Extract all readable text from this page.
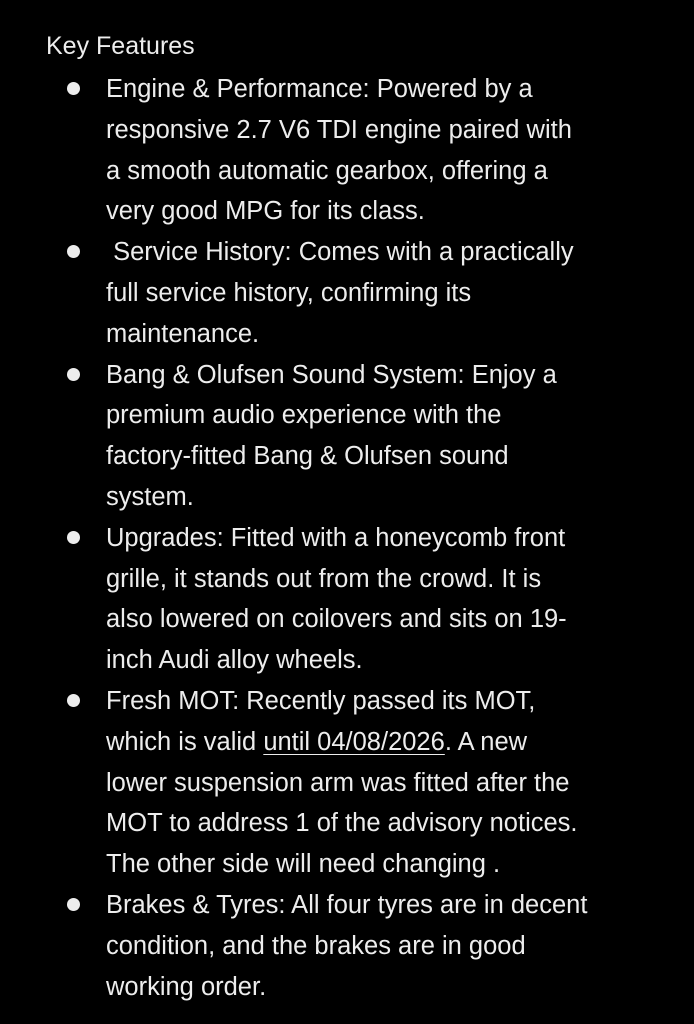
Key Features
Engine & Performance: Powered by a
responsive 2.7 V6 TDI engine paired with
a smooth automatic gearbox, offering a
very good MPG for its class.
Service History: Comes with a practically
full service history, confirming its
maintenance.
Bang & Olufsen Sound System: Enjoy a
premium audio experience with the
factory-fitted Bang & Olufsen sound
system.
Upgrades: Fitted with a honeycomb front
grille, it stands out from the crowd. It is
also lowered on coilovers and sits on 19-
inch Audi alloy wheels.
Fresh MOT: Recently passed its MOT,
which is valid until 04/08/2026. A new
lower suspension arm was fitted after the
MOT to address 1 of the advisory notices.
The other side will need changing .
Brakes & Tyres: All four tyres are in decent
condition, and the brakes are in good
working order.
